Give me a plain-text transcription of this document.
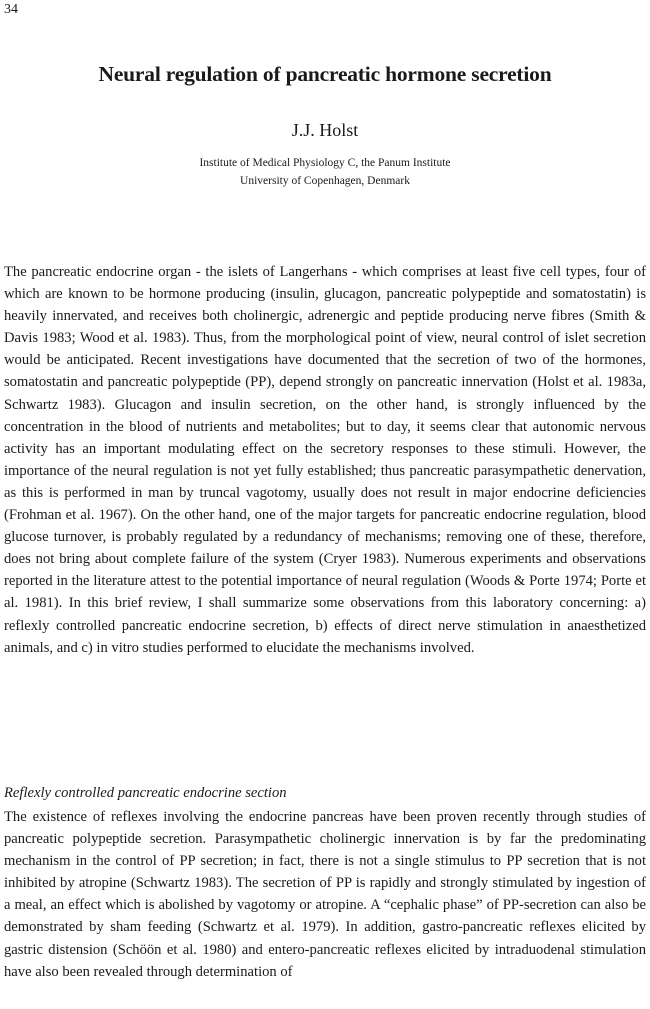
34
Neural regulation of pancreatic hormone secretion
J.J. Holst
Institute of Medical Physiology C, the Panum Institute
University of Copenhagen, Denmark

The pancreatic endocrine organ - the islets of Langerhans - which comprises at least five cell types, four of which are known to be hormone producing (insulin, glucagon, pancreatic polypeptide and somatostatin) is heavily innervated, and receives both cholinergic, adrenergic and peptide producing nerve fibres (Smith & Davis 1983; Wood et al. 1983). Thus, from the morphological point of view, neural control of islet secretion would be anticipated. Recent investigations have documented that the secretion of two of the hormones, somatostatin and pancreatic polypeptide (PP), depend strongly on pancreatic innervation (Holst et al. 1983a, Schwartz 1983). Glucagon and insulin secretion, on the other hand, is strongly influenced by the concentration in the blood of nutrients and metabolites; but to day, it seems clear that autonomic nervous activity has an important modulating effect on the secretory responses to these stimuli. However, the importance of the neural regulation is not yet fully established; thus pancreatic parasympathetic denervation, as this is performed in man by truncal vagotomy, usually does not result in major endocrine deficiencies (Frohman et al. 1967). On the other hand, one of the major targets for pancreatic endocrine regulation, blood glucose turnover, is probably regulated by a redundancy of mechanisms; removing one of these, therefore, does not bring about complete failure of the system (Cryer 1983). Numerous experiments and observations reported in the literature attest to the potential importance of neural regulation (Woods & Porte 1974; Porte et al. 1981). In this brief review, I shall summarize some observations from this laboratory concerning: a) reflexly controlled pancreatic endocrine secretion, b) effects of direct nerve stimulation in anaesthetized animals, and c) in vitro studies performed to elucidate the mechanisms involved.

Reflexly controlled pancreatic endocrine section

The existence of reflexes involving the endocrine pancreas have been proven recently through studies of pancreatic polypeptide secretion. Parasympathetic cholinergic innervation is by far the predominating mechanism in the control of PP secretion; in fact, there is not a single stimulus to PP secretion that is not inhibited by atropine (Schwartz 1983). The secretion of PP is rapidly and strongly stimulated by ingestion of a meal, an effect which is abolished by vagotomy or atropine. A “cephalic phase” of PP-secretion can also be demonstrated by sham feeding (Schwartz et al. 1979). In addition, gastro-pancreatic reflexes elicited by gastric distension (Schöön et al. 1980) and entero-pancreatic reflexes elicited by intraduodenal stimulation have also been revealed through determination of
